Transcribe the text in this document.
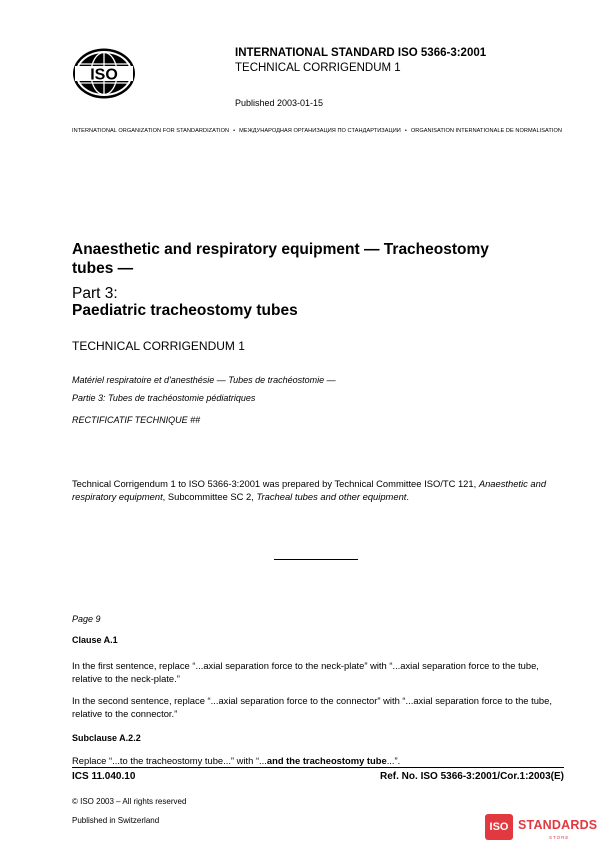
ISO
INTERNATIONAL STANDARD ISO 5366-3:2001
TECHNICAL CORRIGENDUM 1
Published 2003-01-15
INTERNATIONAL ORGANIZATION FOR STANDARDIZATION • МЕЖДУНАРОДНАЯ ОРГАНИЗАЦИЯ ПО СТАНДАРТИЗАЦИИ • ORGANISATION INTERNATIONALE DE NORMALISATION
Anaesthetic and respiratory equipment — Tracheostomy tubes —
Part 3:
Paediatric tracheostomy tubes
TECHNICAL CORRIGENDUM 1
Matériel respiratoire et d'anesthésie — Tubes de trachéostomie —
Partie 3: Tubes de trachéostomie pédiatriques
RECTIFICATIF TECHNIQUE ##
Technical Corrigendum 1 to ISO 5366-3:2001 was prepared by Technical Committee ISO/TC 121, Anaesthetic and respiratory equipment, Subcommittee SC 2, Tracheal tubes and other equipment.
Page 9
Clause A.1
In the first sentence, replace “...axial separation force to the neck-plate” with “...axial separation force to the tube, relative to the neck-plate.”
In the second sentence, replace “...axial separation force to the connector” with “...axial separation force to the tube, relative to the connector.”
Subclause A.2.2
Replace “...to the tracheostomy tube...” with “...and the tracheostomy tube...”.
ICS 11.040.10	Ref. No. ISO 5366-3:2001/Cor.1:2003(E)
© ISO 2003 – All rights reserved
Published in Switzerland
ISO STANDARDS
STORE
